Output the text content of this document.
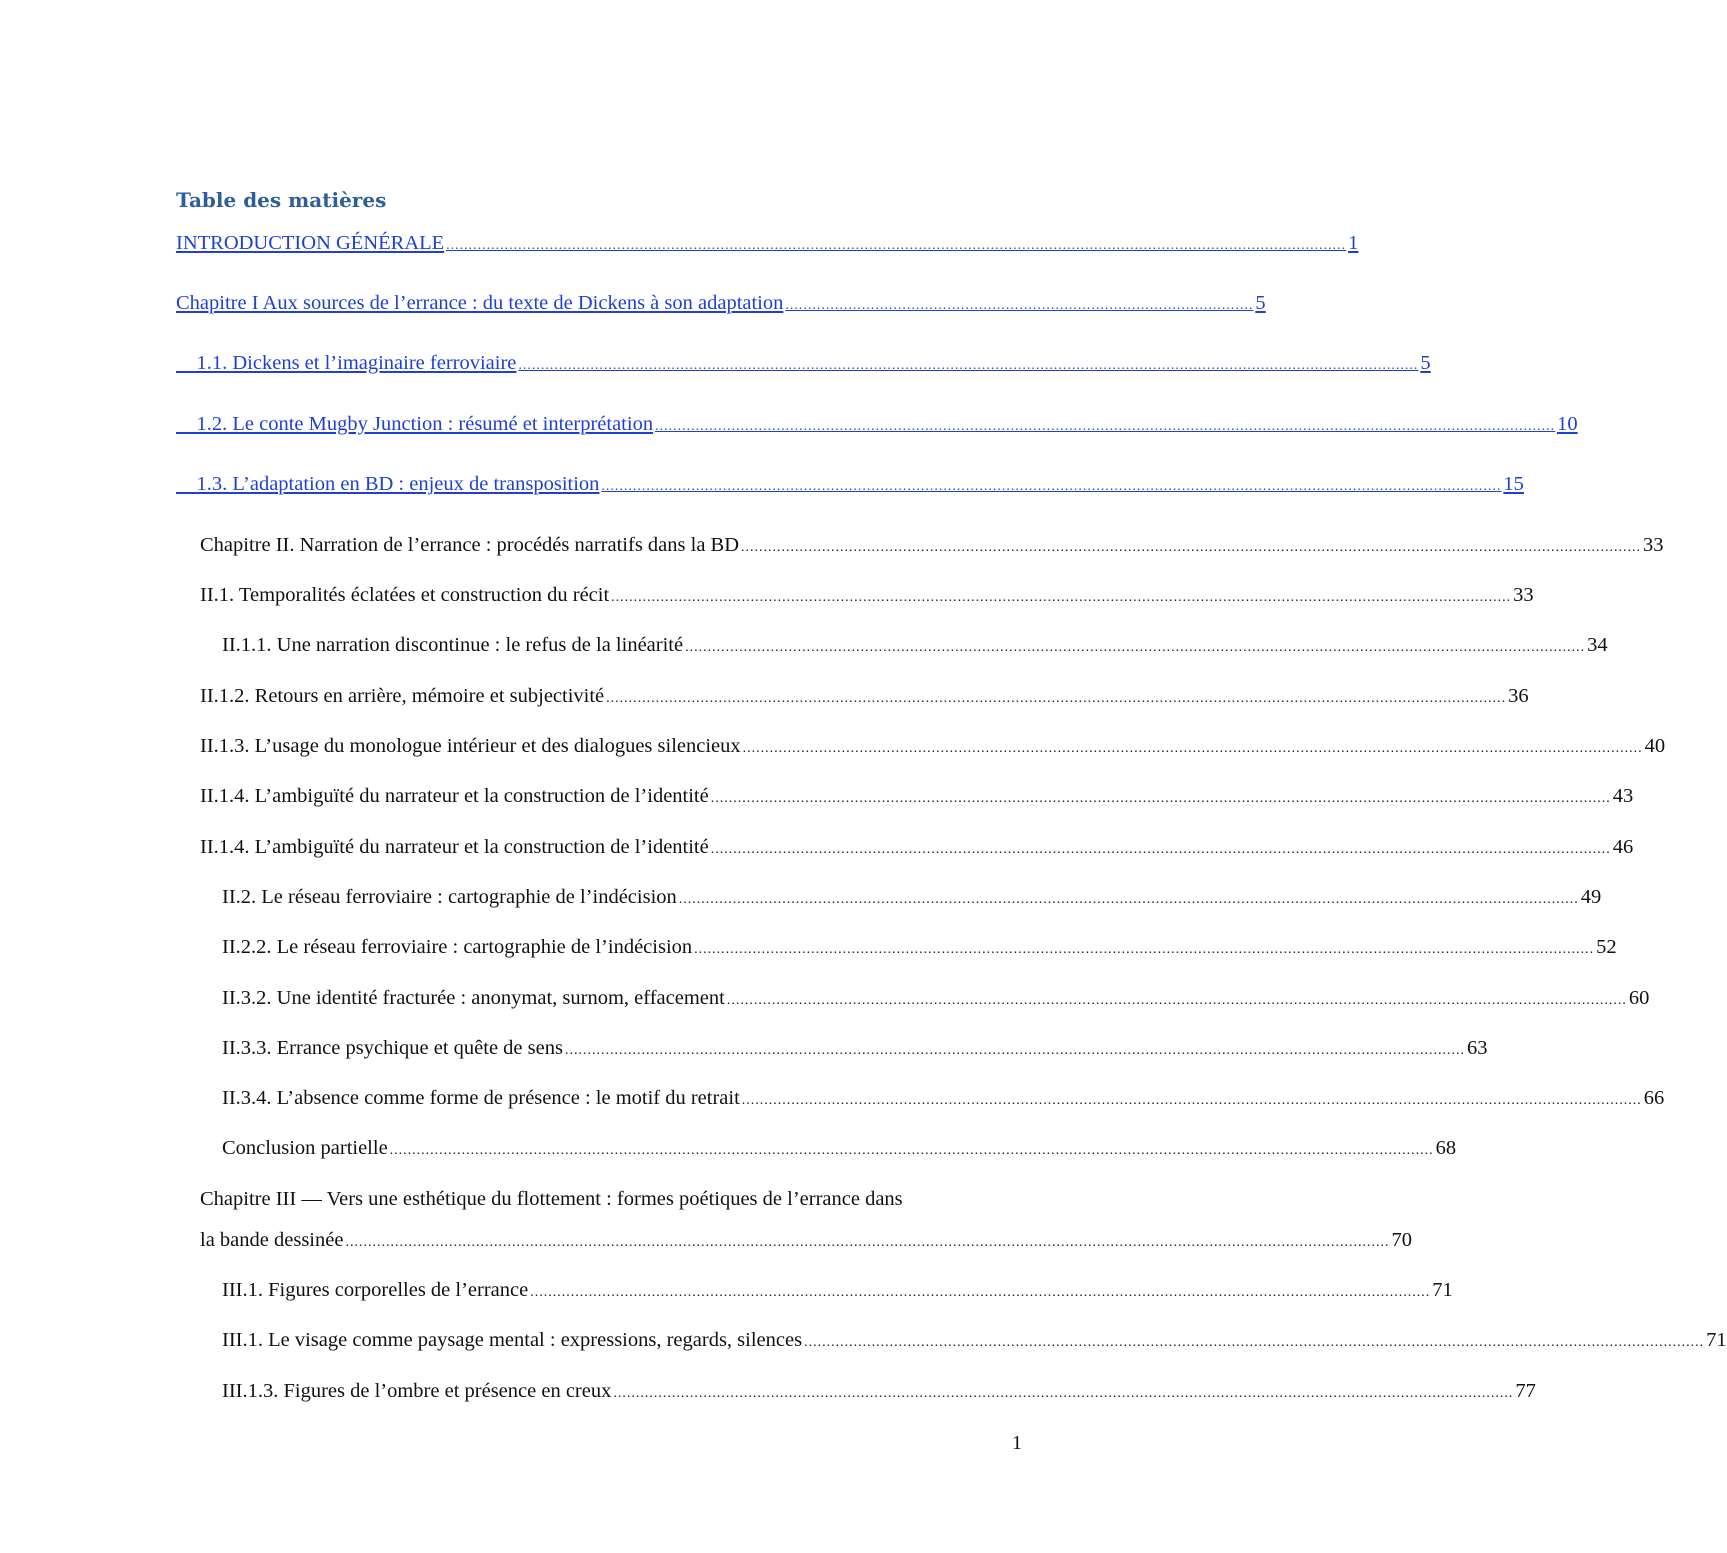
Table des matières
INTRODUCTION GÉNÉRALE ........................................................................................................................................................................................................ 1
Chapitre I Aux sources de l’errance : du texte de Dickens à son adaptation ........................................................................................................ 5
1.1. Dickens et l’imaginaire ferroviaire ........................................................................................................................................................................................................ 5
1.2. Le conte Mugby Junction : résumé et interprétation ........................................................................................................................................................................................................ 10
1.3. L’adaptation en BD : enjeux de transposition ........................................................................................................................................................................................................ 15
Chapitre II. Narration de l’errance : procédés narratifs dans la BD ........................................................................................................................................................................................................ 33
II.1. Temporalités éclatées et construction du récit ........................................................................................................................................................................................................ 33
II.1.1. Une narration discontinue : le refus de la linéarité ........................................................................................................................................................................................................ 34
II.1.2. Retours en arrière, mémoire et subjectivité ........................................................................................................................................................................................................ 36
II.1.3. L’usage du monologue intérieur et des dialogues silencieux ........................................................................................................................................................................................................ 40
II.1.4. L’ambiguïté du narrateur et la construction de l’identité ........................................................................................................................................................................................................ 43
II.1.4. L’ambiguïté du narrateur et la construction de l’identité ........................................................................................................................................................................................................ 46
II.2. Le réseau ferroviaire : cartographie de l’indécision ........................................................................................................................................................................................................ 49
II.2.2. Le réseau ferroviaire : cartographie de l’indécision ........................................................................................................................................................................................................ 52
II.3.2. Une identité fracturée : anonymat, surnom, effacement ........................................................................................................................................................................................................ 60
II.3.3. Errance psychique et quête de sens ........................................................................................................................................................................................................ 63
II.3.4. L’absence comme forme de présence : le motif du retrait ........................................................................................................................................................................................................ 66
Conclusion partielle ........................................................................................................................................................................................................................................ 68
Chapitre III — Vers une esthétique du flottement : formes poétiques de l’errance dans
la bande dessinée ........................................................................................................................................................................................................................................ 70
III.1. Figures corporelles de l’errance ........................................................................................................................................................................................................ 71
III.1. Le visage comme paysage mental : expressions, regards, silences ........................................................................................................................................................................................................ 71
III.1.3. Figures de l’ombre et présence en creux ........................................................................................................................................................................................................ 77
1
